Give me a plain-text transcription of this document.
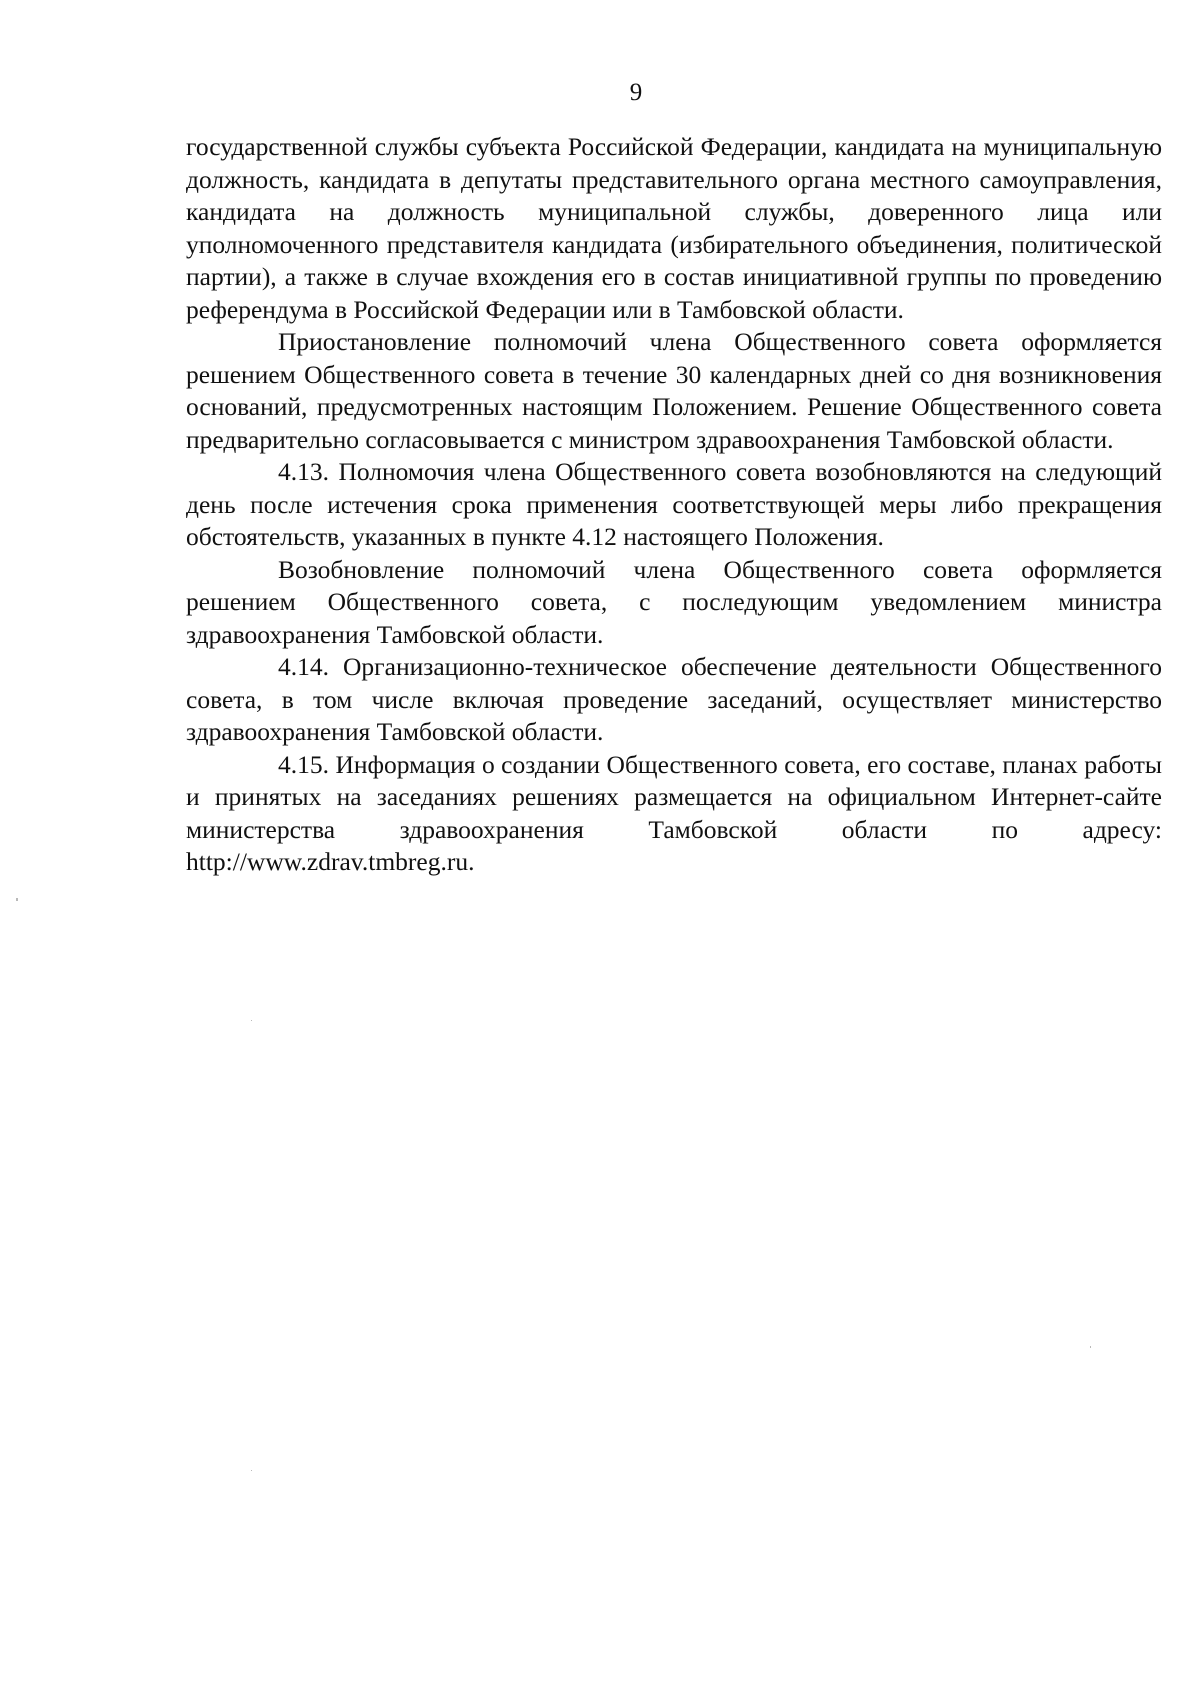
9

государственной службы субъекта Российской Федерации, кандидата на муниципальную должность, кандидата в депутаты представительного органа местного самоуправления, кандидата на должность муниципальной службы, доверенного лица или уполномоченного представителя кандидата (избирательного объединения, политической партии), а также в случае вхождения его в состав инициативной группы по проведению референдума в Российской Федерации или в Тамбовской области.

Приостановление полномочий члена Общественного совета оформляется решением Общественного совета в течение 30 календарных дней со дня возникновения оснований, предусмотренных настоящим Положением. Решение Общественного совета предварительно согласовывается с министром здравоохранения Тамбовской области.

4.13. Полномочия члена Общественного совета возобновляются на следующий день после истечения срока применения соответствующей меры либо прекращения обстоятельств, указанных в пункте 4.12 настоящего Положения.

Возобновление полномочий члена Общественного совета оформляется решением Общественного совета, с последующим уведомлением министра здравоохранения Тамбовской области.

4.14. Организационно-техническое обеспечение деятельности Общественного совета, в том числе включая проведение заседаний, осуществляет министерство здравоохранения Тамбовской области.

4.15. Информация о создании Общественного совета, его составе, планах работы и принятых на заседаниях решениях размещается на официальном Интернет-сайте министерства здравоохранения Тамбовской области по адресу: http://www.zdrav.tmbreg.ru.
